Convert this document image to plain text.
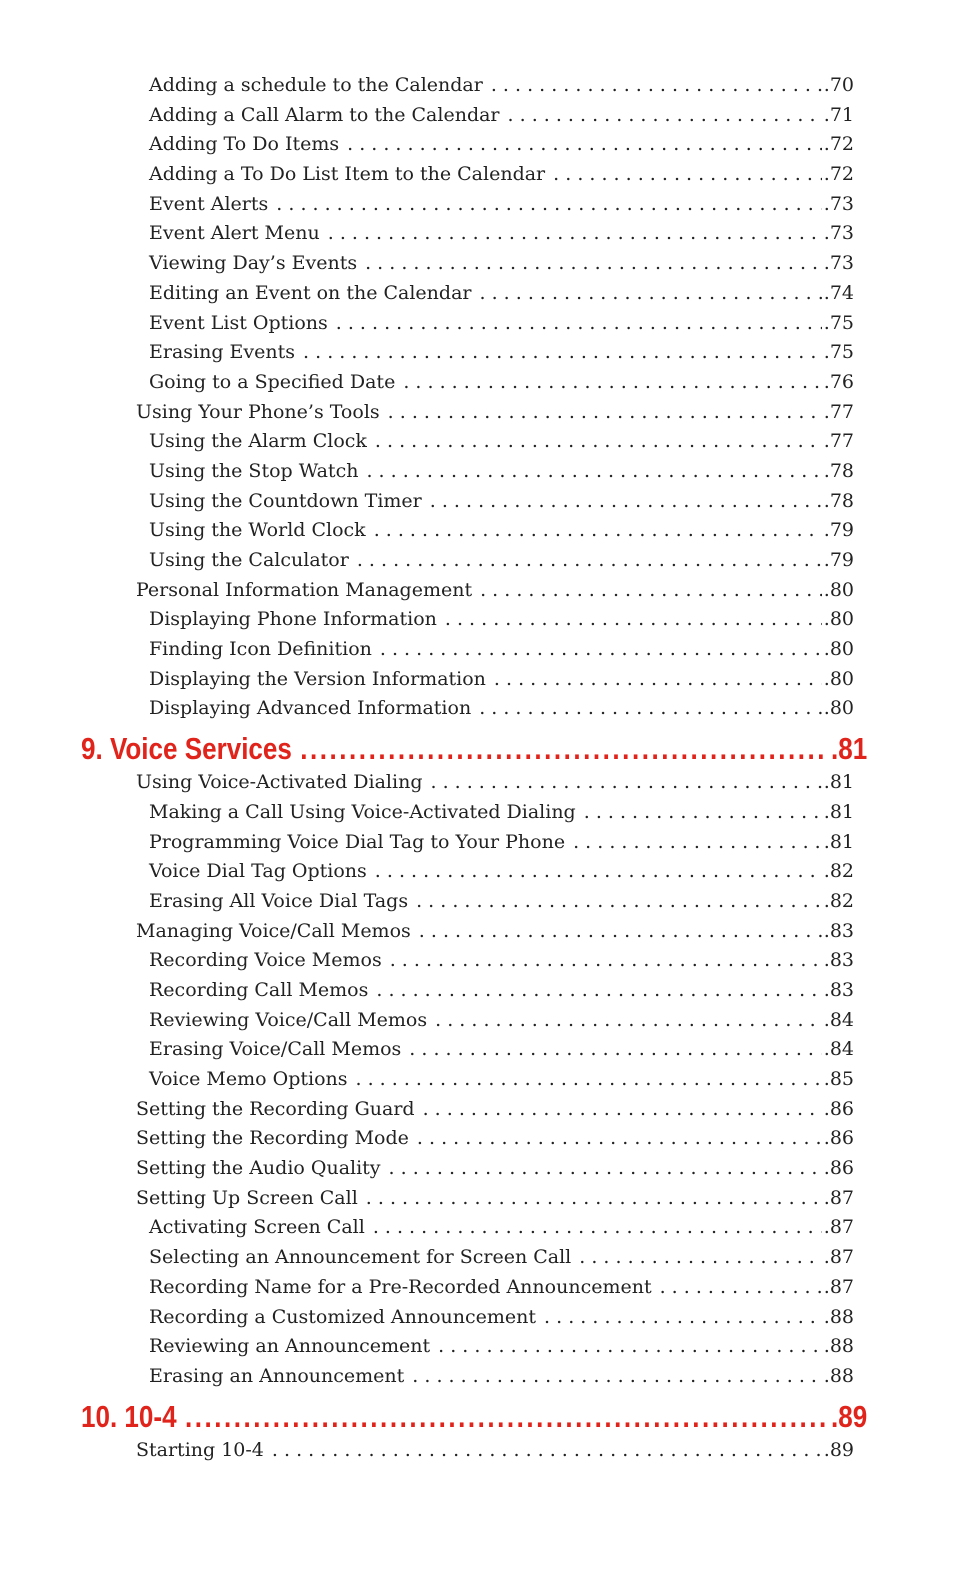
Adding a schedule to the Calendar . . .	.70
Adding a Call Alarm to the Calendar . . .	.71
Adding To Do Items . . .	.72
Adding a To Do List Item to the Calendar . . .	.72
Event Alerts . . .	.73
Event Alert Menu . . .	.73
Viewing Day’s Events . . .	.73
Editing an Event on the Calendar . . .	.74
Event List Options . . .	.75
Erasing Events . . .	.75
Going to a Specified Date . . .	.76
Using Your Phone’s Tools . . .	.77
Using the Alarm Clock . . .	.77
Using the Stop Watch . . .	.78
Using the Countdown Timer . . .	.78
Using the World Clock . . .	.79
Using the Calculator . . .	.79
Personal Information Management . . .	.80
Displaying Phone Information . . .	.80
Finding Icon Definition . . .	.80
Displaying the Version Information . . .	.80
Displaying Advanced Information . . .	.80
9. Voice Services .....	.81
Using Voice-Activated Dialing . . .	.81
Making a Call Using Voice-Activated Dialing . . .	.81
Programming Voice Dial Tag to Your Phone . . .	.81
Voice Dial Tag Options . . .	.82
Erasing All Voice Dial Tags . . .	.82
Managing Voice/Call Memos . . .	.83
Recording Voice Memos . . .	.83
Recording Call Memos . . .	.83
Reviewing Voice/Call Memos . . .	.84
Erasing Voice/Call Memos . . .	.84
Voice Memo Options . . .	.85
Setting the Recording Guard . . .	.86
Setting the Recording Mode . . .	.86
Setting the Audio Quality . . .	.86
Setting Up Screen Call . . .	.87
Activating Screen Call . . .	.87
Selecting an Announcement for Screen Call . . .	.87
Recording Name for a Pre-Recorded Announcement . . .	.87
Recording a Customized Announcement . . .	.88
Reviewing an Announcement . . .	.88
Erasing an Announcement . . .	.88
10. 10-4 .....	.89
Starting 10-4 . . .	.89
